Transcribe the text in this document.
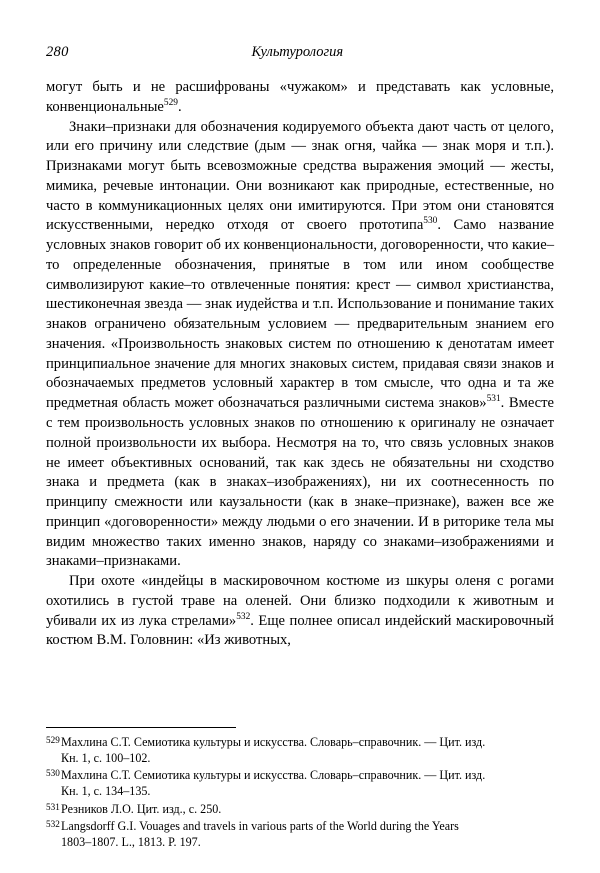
280	Культурология

могут быть и не расшифрованы «чужаком» и представать как условные, конвенциональные$^{529}$.

Знаки–признаки для обозначения кодируемого объекта дают часть от целого, или его причину или следствие (дым — знак огня, чайка — знак моря и т.п.). Признаками могут быть всевозможные средства выражения эмоций — жесты, мимика, речевые интонации. Они возникают как природные, естественные, но часто в коммуникационных целях они имитируются. При этом они становятся искусственными, нередко отходя от своего прототипа$^{530}$. Само название условных знаков говорит об их конвенциональности, договоренности, что какие–то определенные обозначения, принятые в том или ином сообществе символизируют какие–то отвлеченные понятия: крест — символ христианства, шестиконечная звезда — знак иудейства и т.п. Использование и понимание таких знаков ограничено обязательным условием — предварительным знанием его значения. «Произвольность знаковых систем по отношению к денотатам имеет принципиальное значение для многих знаковых систем, придавая связи знаков и обозначаемых предметов условный характер в том смысле, что одна и та же предметная область может обозначаться различными система знаков»$^{531}$. Вместе с тем произвольность условных знаков по отношению к оригиналу не означает полной произвольности их выбора. Несмотря на то, что связь условных знаков не имеет объективных оснований, так как здесь не обязательны ни сходство знака и предмета (как в знаках–изображениях), ни их соотнесенность по принципу смежности или каузальности (как в знаке–признаке), важен все же принцип «договоренности» между людьми о его значении. И в риторике тела мы видим множество таких именно знаков, наряду со знаками–изображениями и знаками–признаками.

При охоте «индейцы в маскировочном костюме из шкуры оленя с рогами охотились в густой траве на оленей. Они близко подходили к животным и убивали их из лука стрелами»$^{532}$. Еще полнее описал индейский маскировочный костюм В.М. Головнин: «Из животных,

529 Махлина С.Т. Семиотика культуры и искусства. Словарь–справочник. — Цит. изд.
Кн. 1, с. 100–102.
530 Махлина С.Т. Семиотика культуры и искусства. Словарь–справочник. — Цит. изд.
Кн. 1, с. 134–135.
531 Резников Л.О. Цит. изд., с. 250.
532 Langsdorff G.I. Vouages and travels in various parts of the World during the Years
1803–1807. L., 1813. P. 197.
